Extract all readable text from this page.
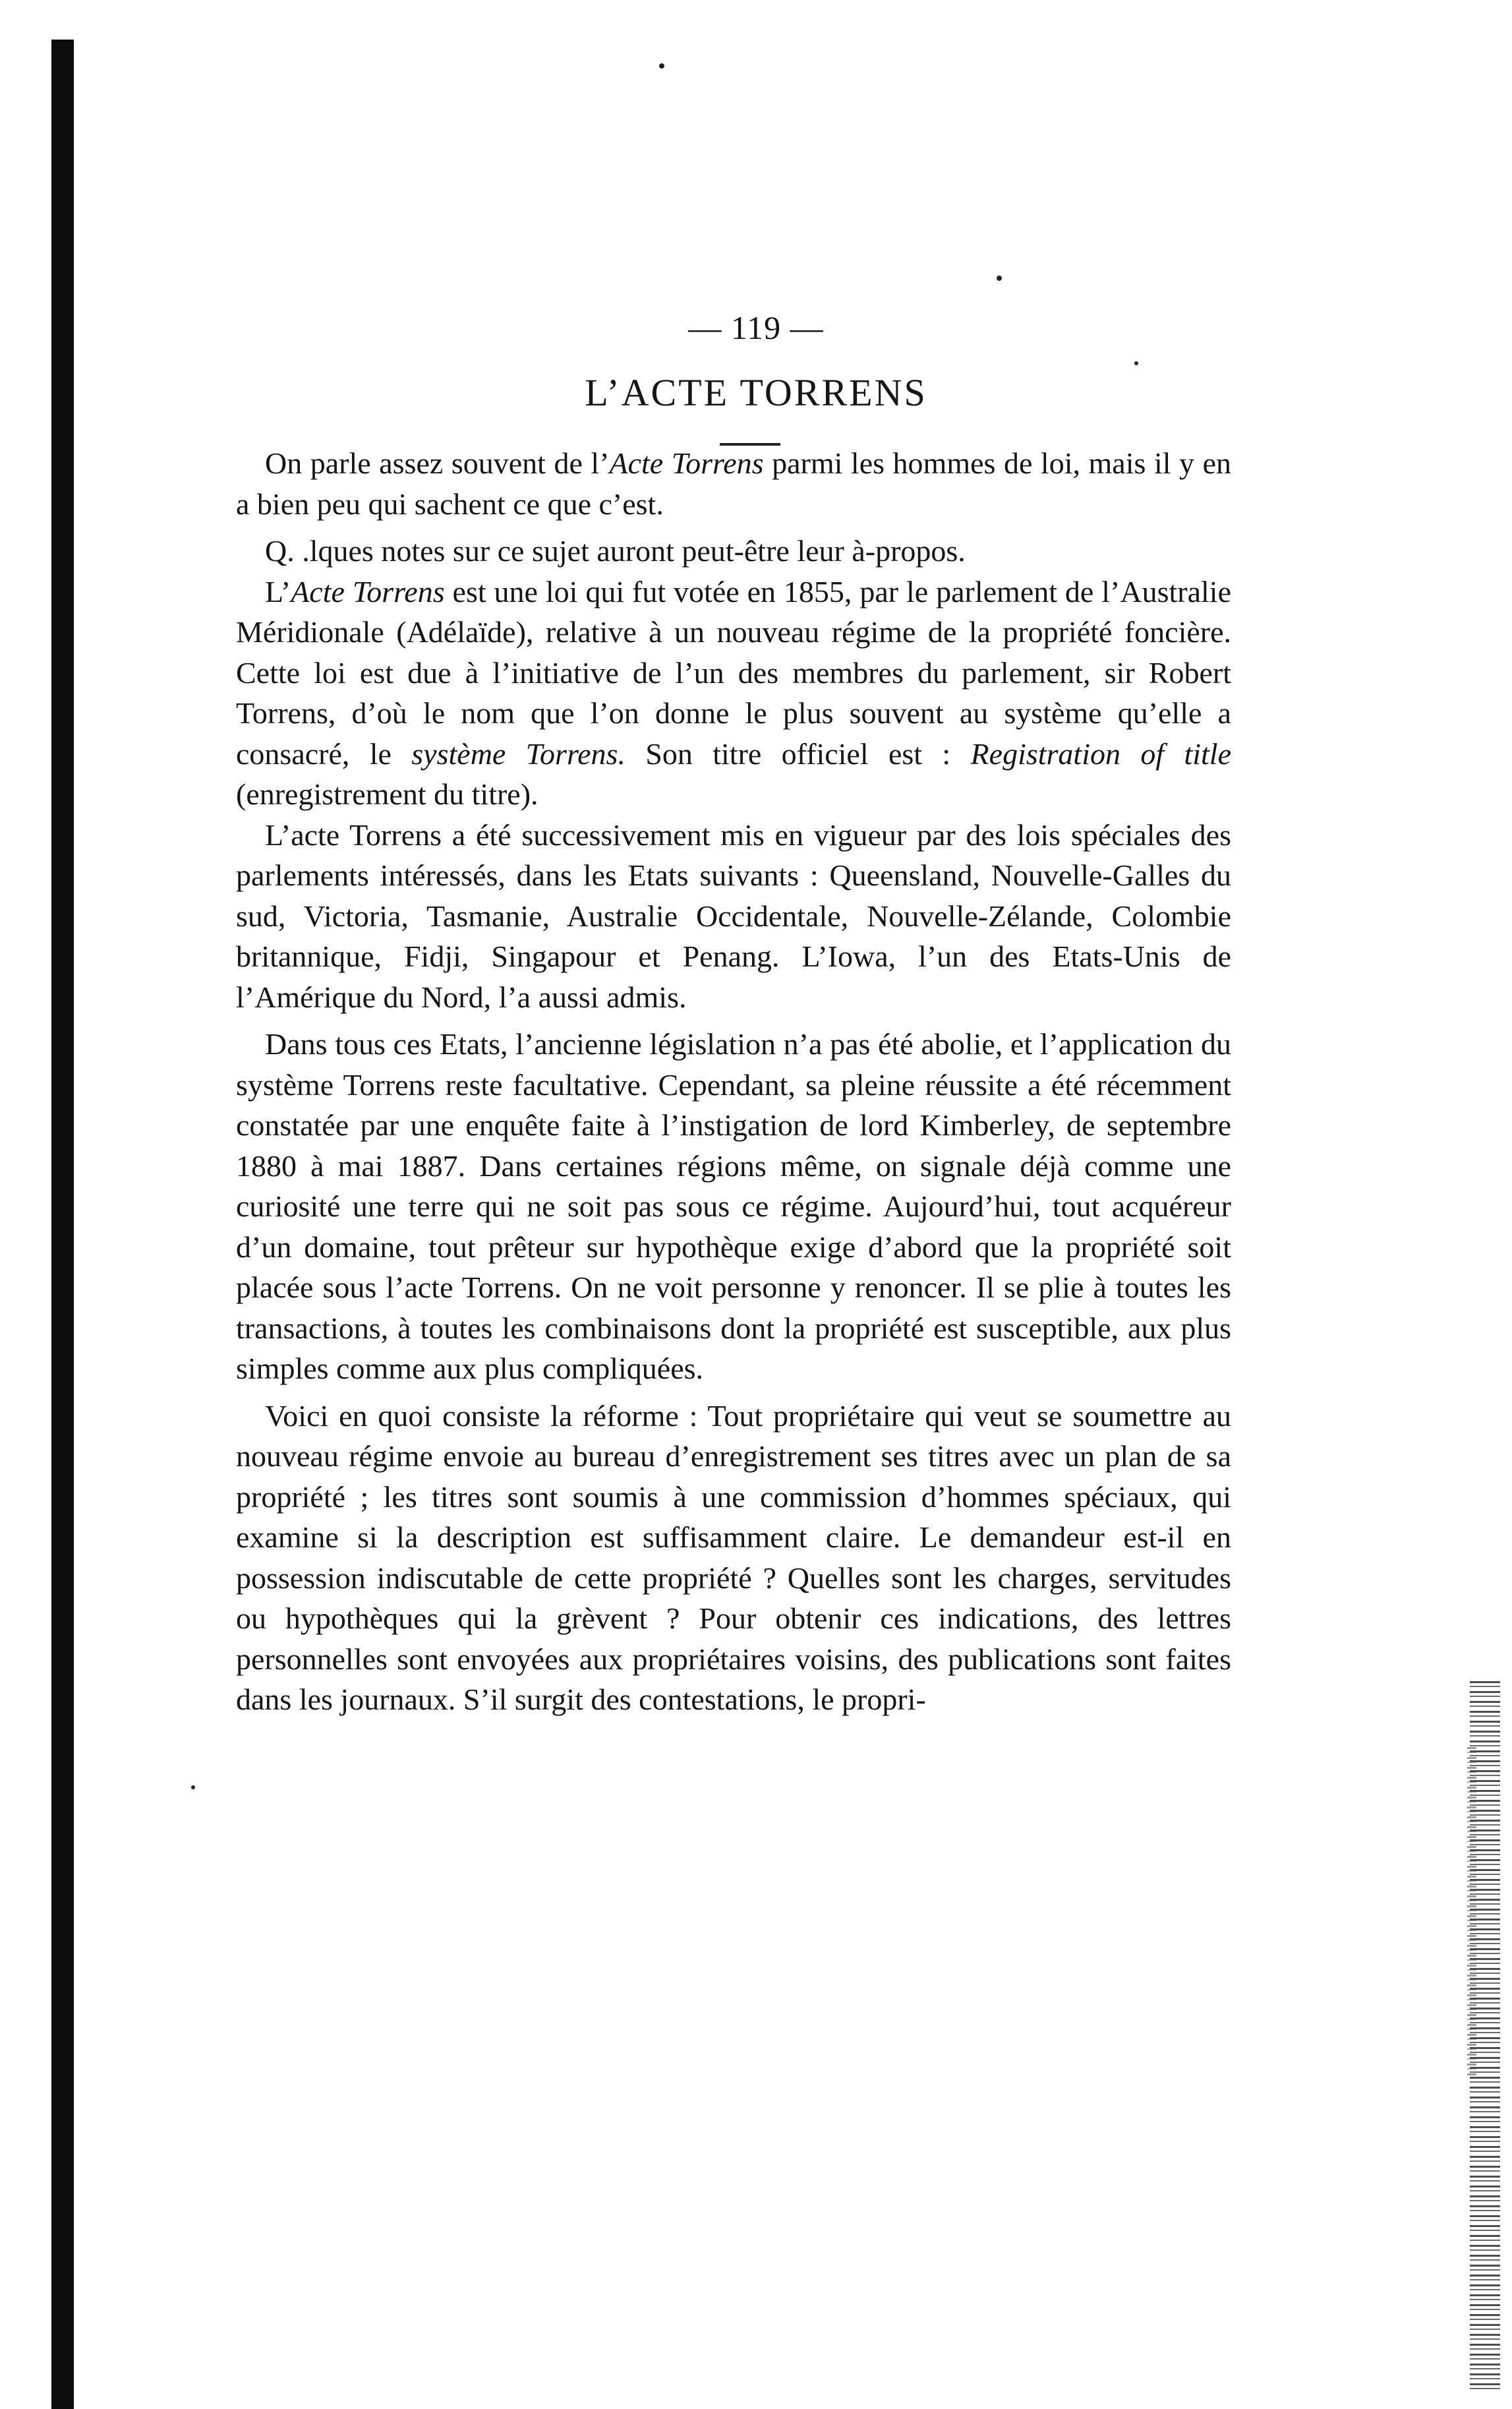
— 119 —
L’ACTE TORRENS

On parle assez souvent de l’Acte Torrens parmi les hommes de loi, mais il y en a bien peu qui sachent ce que c’est.

Q. .lques notes sur ce sujet auront peut-être leur à-propos.

L’Acte Torrens est une loi qui fut votée en 1855, par le parlement de l’Australie Méridionale (Adélaïde), relative à un nouveau régime de la propriété foncière. Cette loi est due à l’initiative de l’un des membres du parlement, sir Robert Torrens, d’où le nom que l’on donne le plus souvent au système qu’elle a consacré, le système Torrens. Son titre officiel est : Registration of title (enregistrement du titre).

L’acte Torrens a été successivement mis en vigueur par des lois spéciales des parlements intéressés, dans les Etats suivants : Queensland, Nouvelle-Galles du sud, Victoria, Tasmanie, Australie Occidentale, Nouvelle-Zélande, Colombie britannique, Fidji, Singapour et Penang. L’Iowa, l’un des Etats-Unis de l’Amérique du Nord, l’a aussi admis.

Dans tous ces Etats, l’ancienne législation n’a pas été abolie, et l’application du système Torrens reste facultative. Cependant, sa pleine réussite a été récemment constatée par une enquête faite à l’instigation de lord Kimberley, de septembre 1880 à mai 1887. Dans certaines régions même, on signale déjà comme une curiosité une terre qui ne soit pas sous ce régime. Aujourd’hui, tout acquéreur d’un domaine, tout prêteur sur hypothèque exige d’abord que la propriété soit placée sous l’acte Torrens. On ne voit personne y renoncer. Il se plie à toutes les transactions, à toutes les combinaisons dont la propriété est susceptible, aux plus simples comme aux plus compliquées.

Voici en quoi consiste la réforme : Tout propriétaire qui veut se soumettre au nouveau régime envoie au bureau d’enregistrement ses titres avec un plan de sa propriété ; les titres sont soumis à une commission d’hommes spéciaux, qui examine si la description est suffisamment claire. Le demandeur est-il en possession indiscutable de cette propriété ? Quelles sont les charges, servitudes ou hypothèques qui la grèvent ? Pour obtenir ces indications, des lettres personnelles sont envoyées aux propriétaires voisins, des publications sont faites dans les journaux. S’il surgit des contestations, le propri-
